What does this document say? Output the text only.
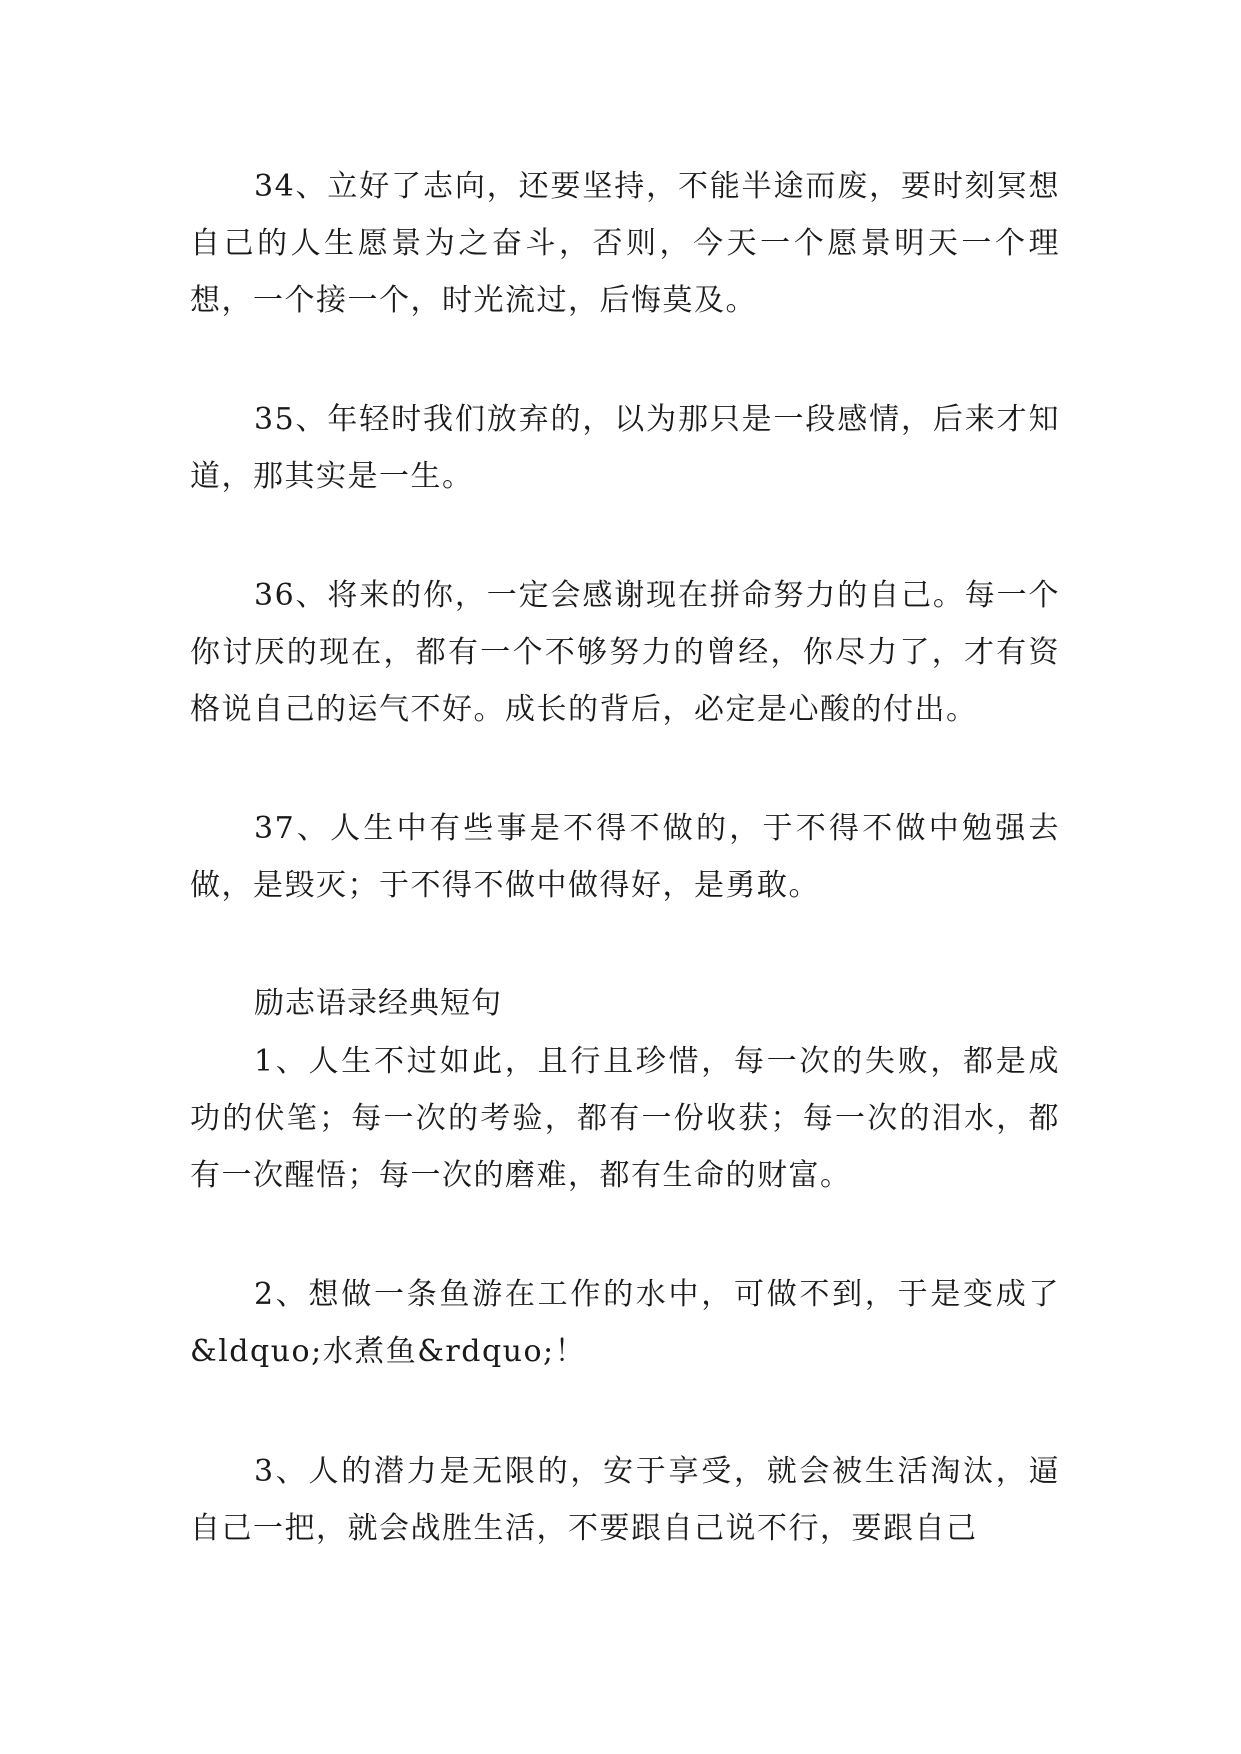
34、立好了志向，还要坚持，不能半途而废，要时刻冥想自己的人生愿景为之奋斗，否则，今天一个愿景明天一个理想，一个接一个，时光流过，后悔莫及。

35、年轻时我们放弃的，以为那只是一段感情，后来才知道，那其实是一生。

36、将来的你，一定会感谢现在拼命努力的自己。每一个你讨厌的现在，都有一个不够努力的曾经，你尽力了，才有资格说自己的运气不好。成长的背后，必定是心酸的付出。

37、人生中有些事是不得不做的，于不得不做中勉强去做，是毁灭；于不得不做中做得好，是勇敢。

励志语录经典短句

1、人生不过如此，且行且珍惜，每一次的失败，都是成功的伏笔；每一次的考验，都有一份收获；每一次的泪水，都有一次醒悟；每一次的磨难，都有生命的财富。

2、想做一条鱼游在工作的水中，可做不到，于是变成了&ldquo;水煮鱼&rdquo;！

3、人的潜力是无限的，安于享受，就会被生活淘汰，逼自己一把，就会战胜生活，不要跟自己说不行，要跟自己
